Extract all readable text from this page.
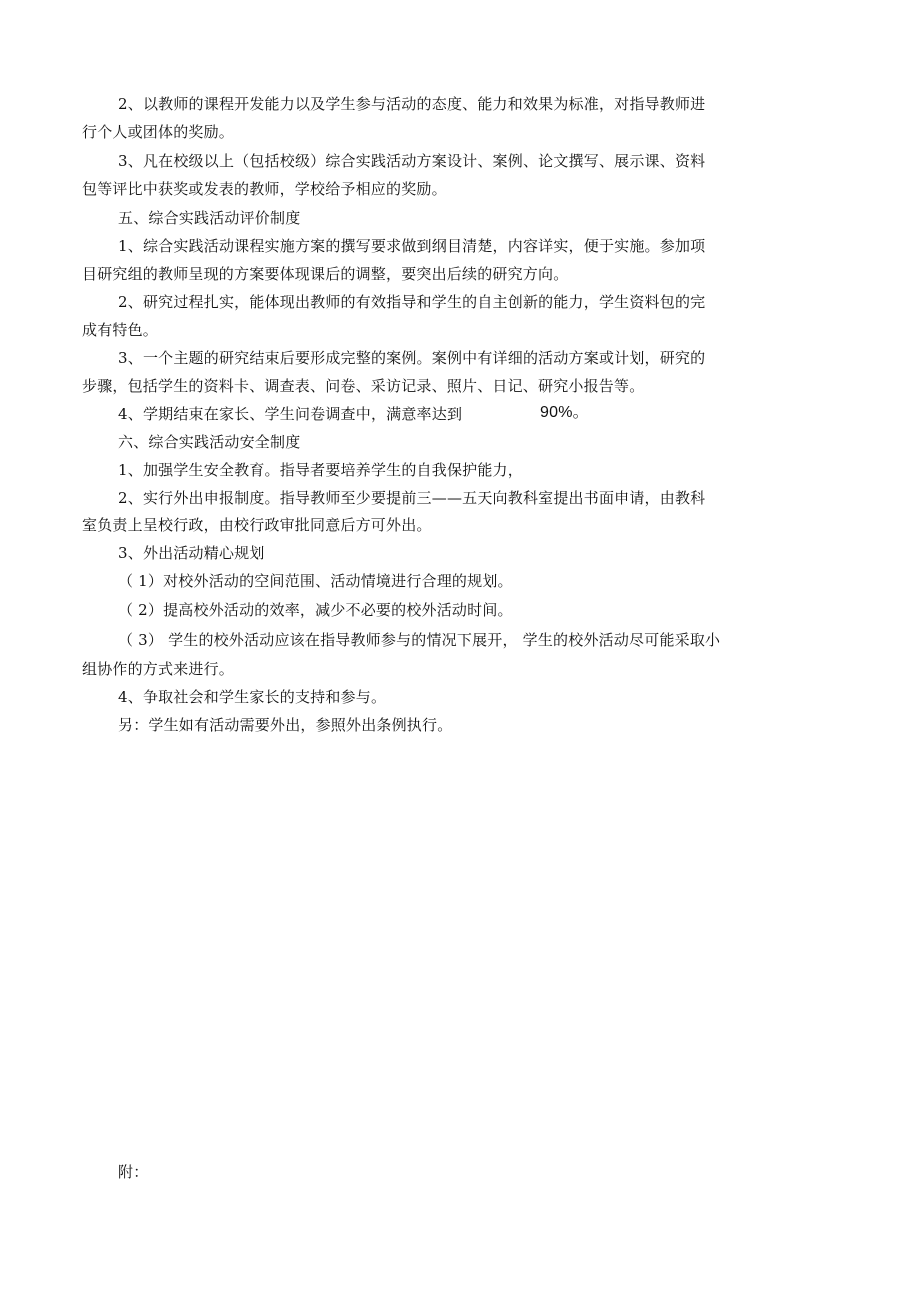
2、以教师的课程开发能力以及学生参与活动的态度、能力和效果为标准，对指导教师进
行个人或团体的奖励。
3、凡在校级以上（包括校级）综合实践活动方案设计、案例、论文撰写、展示课、资料
包等评比中获奖或发表的教师，学校给予相应的奖励。
五、综合实践活动评价制度
1、综合实践活动课程实施方案的撰写要求做到纲目清楚，内容详实，便于实施。参加项
目研究组的教师呈现的方案要体现课后的调整，要突出后续的研究方向。
2、研究过程扎实，能体现出教师的有效指导和学生的自主创新的能力，学生资料包的完
成有特色。
3、一个主题的研究结束后要形成完整的案例。案例中有详细的活动方案或计划，研究的
步骤，包括学生的资料卡、调查表、问卷、采访记录、照片、日记、研究小报告等。
4、学期结束在家长、学生问卷调查中，满意率达到	90%。
六、综合实践活动安全制度
1、加强学生安全教育。指导者要培养学生的自我保护能力，
2、实行外出申报制度。指导教师至少要提前三——五天向教科室提出书面申请，由教科
室负责上呈校行政，由校行政审批同意后方可外出。
3、外出活动精心规划
（ 1）对校外活动的空间范围、活动情境进行合理的规划。
（ 2）提高校外活动的效率，减少不必要的校外活动时间。
（ 3） 学生的校外活动应该在指导教师参与的情况下展开， 学生的校外活动尽可能采取小
组协作的方式来进行。
4、争取社会和学生家长的支持和参与。
另：学生如有活动需要外出，参照外出条例执行。
附：
